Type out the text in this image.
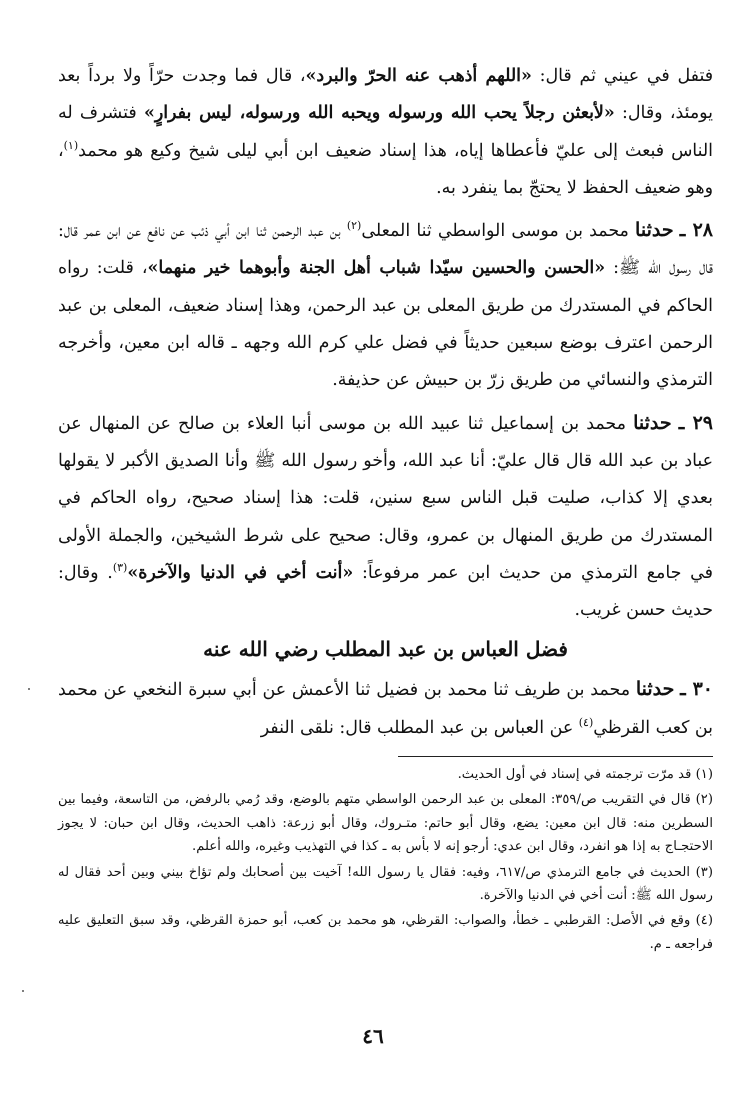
فتفل في عيني ثم قال: «اللهم أذهب عنه الحرّ والبرد»، قال فما وجدت حرّاً ولا برداً بعد يومئذ، وقال: «لأبعثن رجلاً يحب الله ورسوله ويحبه الله ورسوله، ليس بفرارٍ» فتشرف له الناس فبعث إلى عليّ فأعطاها إياه، هذا إسناد ضعيف ابن أبي ليلى شيخ وكيع هو محمد$^{(١)}$، وهو ضعيف الحفظ لا يحتجّ بما ينفرد به.

٢٨ ـ حدثنا محمد بن موسى الواسطي ثنا المعلى$^{(٢)}$ بن عبد الرحمن ثنا ابن أبي ذئب عن نافع عن ابن عمر قال: قال رسول الله ﷺ: «الحسن والحسين سيّدا شباب أهل الجنة وأبوهما خير منهما»، قلت: رواه الحاكم في المستدرك من طريق المعلى بن عبد الرحمن، وهذا إسناد ضعيف، المعلى بن عبد الرحمن اعترف بوضع سبعين حديثاً في فضل علي كرم الله وجهه ـ قاله ابن معين، وأخرجه الترمذي والنسائي من طريق زرّ بن حبيش عن حذيفة.

٢٩ ـ حدثنا محمد بن إسماعيل ثنا عبيد الله بن موسى أنبا العلاء بن صالح عن المنهال عن عباد بن عبد الله قال قال عليّ: أنا عبد الله، وأخو رسول الله ﷺ وأنا الصديق الأكبر لا يقولها بعدي إلا كذاب، صليت قبل الناس سبع سنين، قلت: هذا إسناد صحيح، رواه الحاكم في المستدرك من طريق المنهال بن عمرو، وقال: صحيح على شرط الشيخين، والجملة الأولى في جامع الترمذي من حديث ابن عمر مرفوعاً: «أنت أخي في الدنيا والآخرة»$^{(٣)}$. وقال: حديث حسن غريب.

فضل العباس بن عبد المطلب رضي الله عنه

٣٠ ـ حدثنا محمد بن طريف ثنا محمد بن فضيل ثنا الأعمش عن أبي سبرة النخعي عن محمد بن كعب القرظي$^{(٤)}$ عن العباس بن عبد المطلب قال: نلقى النفر

(١) قد مرّت ترجمته في إسناد في أول الحديث.

(٢) قال في التقريب ص/٣٥٩: المعلى بن عبد الرحمن الواسطي متهم بالوضع، وقد رُمي بالرفض، من التاسعة، وفيما بين السطرين منه: قال ابن معين: يضع، وقال أبو حاتم: متـروك، وقال أبو زرعة: ذاهب الحديث، وقال ابن حبان: لا يجوز الاحتجـاج به إذا هو انفرد، وقال ابن عدي: أرجو إنه لا بأس به ـ كذا في التهذيب وغيره، والله أعلم.

(٣) الحديث في جامع الترمذي ص/٦١٧، وفيه: فقال يا رسول الله! آخيت بين أصحابك ولم تؤاخ بيني وبين أحد فقال له رسول الله ﷺ: أنت أخي في الدنيا والآخرة.

(٤) وقع في الأصل: القرطبي ـ خطأ، والصواب: القرظي، هو محمد بن كعب، أبو حمزة القرظي، وقد سبق التعليق عليه فراجعه ـ م.

٤٦
